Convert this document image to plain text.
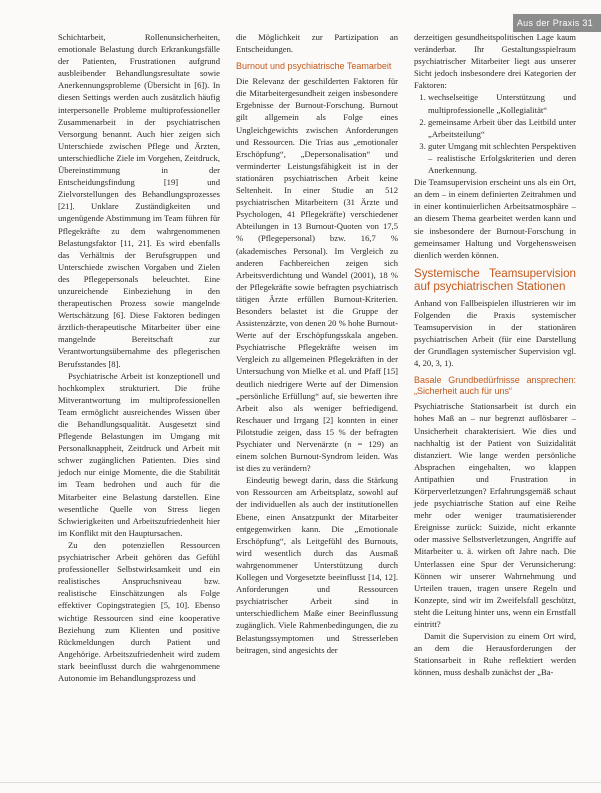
Aus der Praxis 31

Schichtarbeit, Rollenunsicherheiten, emotionale Belastung durch Erkrankungsfälle der Patienten, Frustrationen aufgrund ausbleibender Behandlungsresultate sowie Anerkennungsprobleme (Übersicht in [6]). In diesen Settings werden auch zusätzlich häufig interpersonelle Probleme multiprofessioneller Zusammenarbeit in der psychiatrischen Versorgung benannt. Auch hier zeigen sich Unterschiede zwischen Pflege und Ärzten, unterschiedliche Ziele im Vorgehen, Zeitdruck, Übereinstimmung in der Entscheidungsfindung [19] und Zielvorstellungen des Behandlungsprozesses [21]. Unklare Zuständigkeiten und ungenügende Abstimmung im Team führen für Pflegekräfte zu dem wahrgenommenen Belastungsfaktor [11, 21]. Es wird ebenfalls das Verhältnis der Berufsgruppen und Unterschiede zwischen Vorgaben und Zielen des Pflegepersonals beleuchtet. Eine unzureichende Einbeziehung in den therapeutischen Prozess sowie mangelnde Wertschätzung [6]. Diese Faktoren bedingen ärztlich-therapeutische Mitarbeiter über eine mangelnde Bereitschaft zur Verantwortungsübernahme des pflegerischen Berufsstandes [8].

Psychiatrische Arbeit ist konzeptionell und hochkomplex strukturiert. Die frühe Mitverantwortung im multiprofessionellen Team ermöglicht ausreichendes Wissen über die Behandlungsqualität. Ausgesetzt sind Pflegende Belastungen im Umgang mit Personalknappheit, Zeitdruck und Arbeit mit schwer zugänglichen Patienten. Dies sind jedoch nur einige Momente, die die Stabilität im Team bedrohen und auch für die Mitarbeiter eine Belastung darstellen. Eine wesentliche Quelle von Stress liegen Schwierigkeiten und Arbeitszufriedenheit hier im Konflikt mit den Hauptursachen.

Zu den potenziellen Ressourcen psychiatrischer Arbeit gehören das Gefühl professioneller Selbstwirksamkeit und ein realistisches Anspruchsniveau bzw. realistische Einschätzungen als Folge effektiver Copingstrategien [5, 10]. Ebenso wichtige Ressourcen sind eine kooperative Beziehung zum Klienten und positive Rückmeldungen durch Patient und Angehörige. Arbeitszufriedenheit wird zudem stark beeinflusst durch die wahrgenommene Autonomie im Behandlungsprozess und

die Möglichkeit zur Partizipation an Entscheidungen.

Burnout und psychiatrische Teamarbeit

Die Relevanz der geschilderten Faktoren für die Mitarbeitergesundheit zeigen insbesondere Ergebnisse der Burnout-Forschung. Burnout gilt allgemein als Folge eines Ungleichgewichts zwischen Anforderungen und Ressourcen. Die Trias aus „emotionaler Erschöpfung“, „Depersonalisation“ und verminderter Leistungsfähigkeit ist in der stationären psychiatrischen Arbeit keine Seltenheit. In einer Studie an 512 psychiatrischen Mitarbeitern (31 Ärzte und Psychologen, 41 Pflegekräfte) verschiedener Abteilungen in 13 Burnout-Quoten von 17,5 % (Pflegepersonal) bzw. 16,7 % (akademisches Personal). Im Vergleich zu anderen Fachbereichen zeigen sich Arbeitsverdichtung und Wandel (2001), 18 % der Pflegekräfte sowie befragten psychiatrisch tätigen Ärzte erfüllen Burnout-Kriterien. Besonders belastet ist die Gruppe der Assistenzärzte, von denen 20 % hohe Burnout-Werte auf der Erschöpfungsskala angeben. Psychiatrische Pflegekräfte weisen im Vergleich zu allgemeinen Pflegekräften in der Untersuchung von Mielke et al. und Pfaff [15] deutlich niedrigere Werte auf der Dimension „persönliche Erfüllung“ auf, sie bewerten ihre Arbeit also als weniger befriedigend. Reschauer und Irrgang [2] konnten in einer Pilotstudie zeigen, dass 15 % der befragten Psychiater und Nervenärzte (n = 129) an einem solchen Burnout-Syndrom leiden. Was ist dies zu verändern?

Eindeutig bewegt darin, dass die Stärkung von Ressourcen am Arbeitsplatz, sowohl auf der individuellen als auch der institutionellen Ebene, einen Ansatzpunkt der Mitarbeiter entgegenwirken kann. Die „Emotionale Erschöpfung“, als Leitgefühl des Burnouts, wird wesentlich durch das Ausmaß wahrgenommener Unterstützung durch Kollegen und Vorgesetzte beeinflusst [14, 12]. Anforderungen und Ressourcen psychiatrischer Arbeit sind in unterschiedlichem Maße einer Beeinflussung zugänglich. Viele Rahmenbedingungen, die zu Belastungssymptomen und Stresserleben beitragen, sind angesichts der

derzeitigen gesundheitspolitischen Lage kaum veränderbar. Ihr Gestaltungsspielraum psychiatrischer Mitarbeiter liegt aus unserer Sicht jedoch insbesondere drei Kategorien der Faktoren:

1. wechselseitige Unterstützung und multiprofessionelle „Kollegialität“
2. gemeinsame Arbeit über das Leitbild unter „Arbeitsteilung“
3. guter Umgang mit schlechten Perspektiven – realistische Erfolgskriterien und deren Anerkennung.

Die Teamsupervision erscheint uns als ein Ort, an dem – in einem definierten Zeitrahmen und in einer kontinuierlichen Arbeitsatmosphäre – an diesem Thema gearbeitet werden kann und sie insbesondere der Burnout-Forschung in gemeinsamer Haltung und Vorgehensweisen dienlich werden können.

Systemische Teamsupervision auf psychiatrischen Stationen

Anhand von Fallbeispielen illustrieren wir im Folgenden die Praxis systemischer Teamsupervision in der stationären psychiatrischen Arbeit (für eine Darstellung der Grundlagen systemischer Supervision vgl. 4, 20, 3, 1).

Basale Grundbedürfnisse ansprechen: „Sicherheit auch für uns“

Psychiatrische Stationsarbeit ist durch ein hohes Maß an – nur begrenzt auflösbarer – Unsicherheit charakterisiert. Wie dies und nachhaltig ist der Patient von Suizidalität distanziert. Wie lange werden persönliche Absprachen eingehalten, wo klappen Antipathien und Frustration in Körperverletzungen? Erfahrungsgemäß schaut jede psychiatrische Station auf eine Reihe mehr oder weniger traumatisierender Ereignisse zurück: Suizide, nicht erkannte oder massive Selbstverletzungen, Angriffe auf Mitarbeiter u. ä. wirken oft Jahre nach. Die Unterlassen eine Spur der Verunsicherung: Können wir unserer Wahrnehmung und Urteilen trauen, tragen unsere Regeln und Konzepte, sind wir im Zweifelsfall geschützt, steht die Leitung hinter uns, wenn ein Ernstfall eintritt?

Damit die Supervision zu einem Ort wird, an dem die Herausforderungen der Stationsarbeit in Ruhe reflektiert werden können, muss deshalb zunächst der „Ba-
